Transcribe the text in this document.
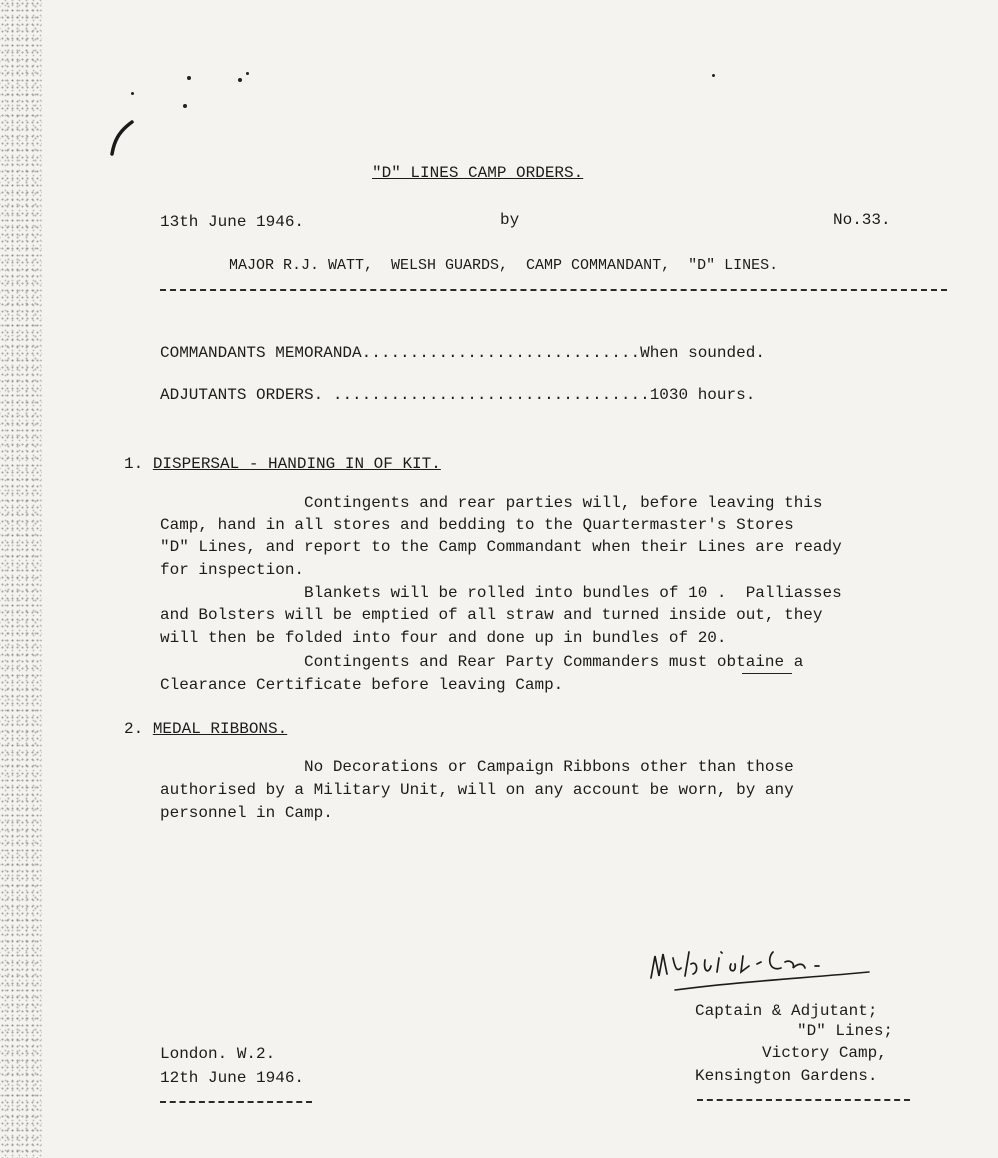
"D" LINES CAMP ORDERS.
13th June 1946.	by	No.33.
MAJOR R.J. WATT,  WELSH GUARDS,  CAMP COMMANDANT,  "D" LINES.
COMMANDANTS MEMORANDA.............................When sounded.
ADJUTANTS ORDERS. .................................1030 hours.
1. DISPERSAL - HANDING IN OF KIT.
Contingents and rear parties will, before leaving this
Camp, hand in all stores and bedding to the Quartermaster's Stores
"D" Lines, and report to the Camp Commandant when their Lines are ready
for inspection.
Blankets will be rolled into bundles of 10 .  Palliasses
and Bolsters will be emptied of all straw and turned inside out, they
will then be folded into four and done up in bundles of 20.
Contingents and Rear Party Commanders must obtaine a
Clearance Certificate before leaving Camp.
2. MEDAL RIBBONS.
No Decorations or Campaign Ribbons other than those
authorised by a Military Unit, will on any account be worn, by any
personnel in Camp.
Captain & Adjutant;
"D" Lines;
Victory Camp,
Kensington Gardens.
London. W.2.
12th June 1946.
